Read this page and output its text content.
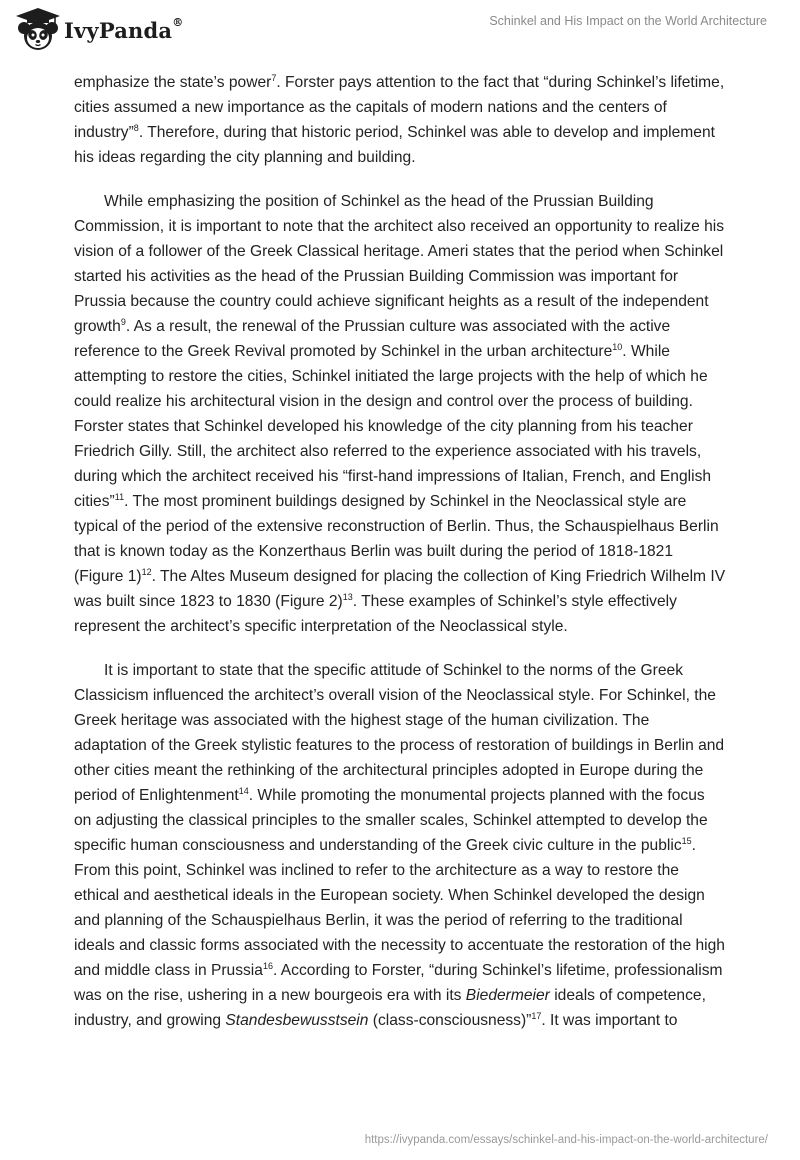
IvyPanda®	Schinkel and His Impact on the World Architecture

emphasize the state’s power$^7$. Forster pays attention to the fact that “during Schinkel’s lifetime, cities assumed a new importance as the capitals of modern nations and the centers of industry”$^8$. Therefore, during that historic period, Schinkel was able to develop and implement his ideas regarding the city planning and building.

While emphasizing the position of Schinkel as the head of the Prussian Building Commission, it is important to note that the architect also received an opportunity to realize his vision of a follower of the Greek Classical heritage. Ameri states that the period when Schinkel started his activities as the head of the Prussian Building Commission was important for Prussia because the country could achieve significant heights as a result of the independent growth$^9$. As a result, the renewal of the Prussian culture was associated with the active reference to the Greek Revival promoted by Schinkel in the urban architecture$^{10}$. While attempting to restore the cities, Schinkel initiated the large projects with the help of which he could realize his architectural vision in the design and control over the process of building. Forster states that Schinkel developed his knowledge of the city planning from his teacher Friedrich Gilly. Still, the architect also referred to the experience associated with his travels, during which the architect received his “first-hand impressions of Italian, French, and English cities”$^{11}$. The most prominent buildings designed by Schinkel in the Neoclassical style are typical of the period of the extensive reconstruction of Berlin. Thus, the Schauspielhaus Berlin that is known today as the Konzerthaus Berlin was built during the period of 1818-1821 (Figure 1)$^{12}$. The Altes Museum designed for placing the collection of King Friedrich Wilhelm IV was built since 1823 to 1830 (Figure 2)$^{13}$. These examples of Schinkel’s style effectively represent the architect’s specific interpretation of the Neoclassical style.

It is important to state that the specific attitude of Schinkel to the norms of the Greek Classicism influenced the architect’s overall vision of the Neoclassical style. For Schinkel, the Greek heritage was associated with the highest stage of the human civilization. The adaptation of the Greek stylistic features to the process of restoration of buildings in Berlin and other cities meant the rethinking of the architectural principles adopted in Europe during the period of Enlightenment$^{14}$. While promoting the monumental projects planned with the focus on adjusting the classical principles to the smaller scales, Schinkel attempted to develop the specific human consciousness and understanding of the Greek civic culture in the public$^{15}$. From this point, Schinkel was inclined to refer to the architecture as a way to restore the ethical and aesthetical ideals in the European society. When Schinkel developed the design and planning of the Schauspielhaus Berlin, it was the period of referring to the traditional ideals and classic forms associated with the necessity to accentuate the restoration of the high and middle class in Prussia$^{16}$. According to Forster, “during Schinkel’s lifetime, professionalism was on the rise, ushering in a new bourgeois era with its Biedermeier ideals of competence, industry, and growing Standesbewusstsein (class-consciousness)”$^{17}$. It was important to

https://ivypanda.com/essays/schinkel-and-his-impact-on-the-world-architecture/
